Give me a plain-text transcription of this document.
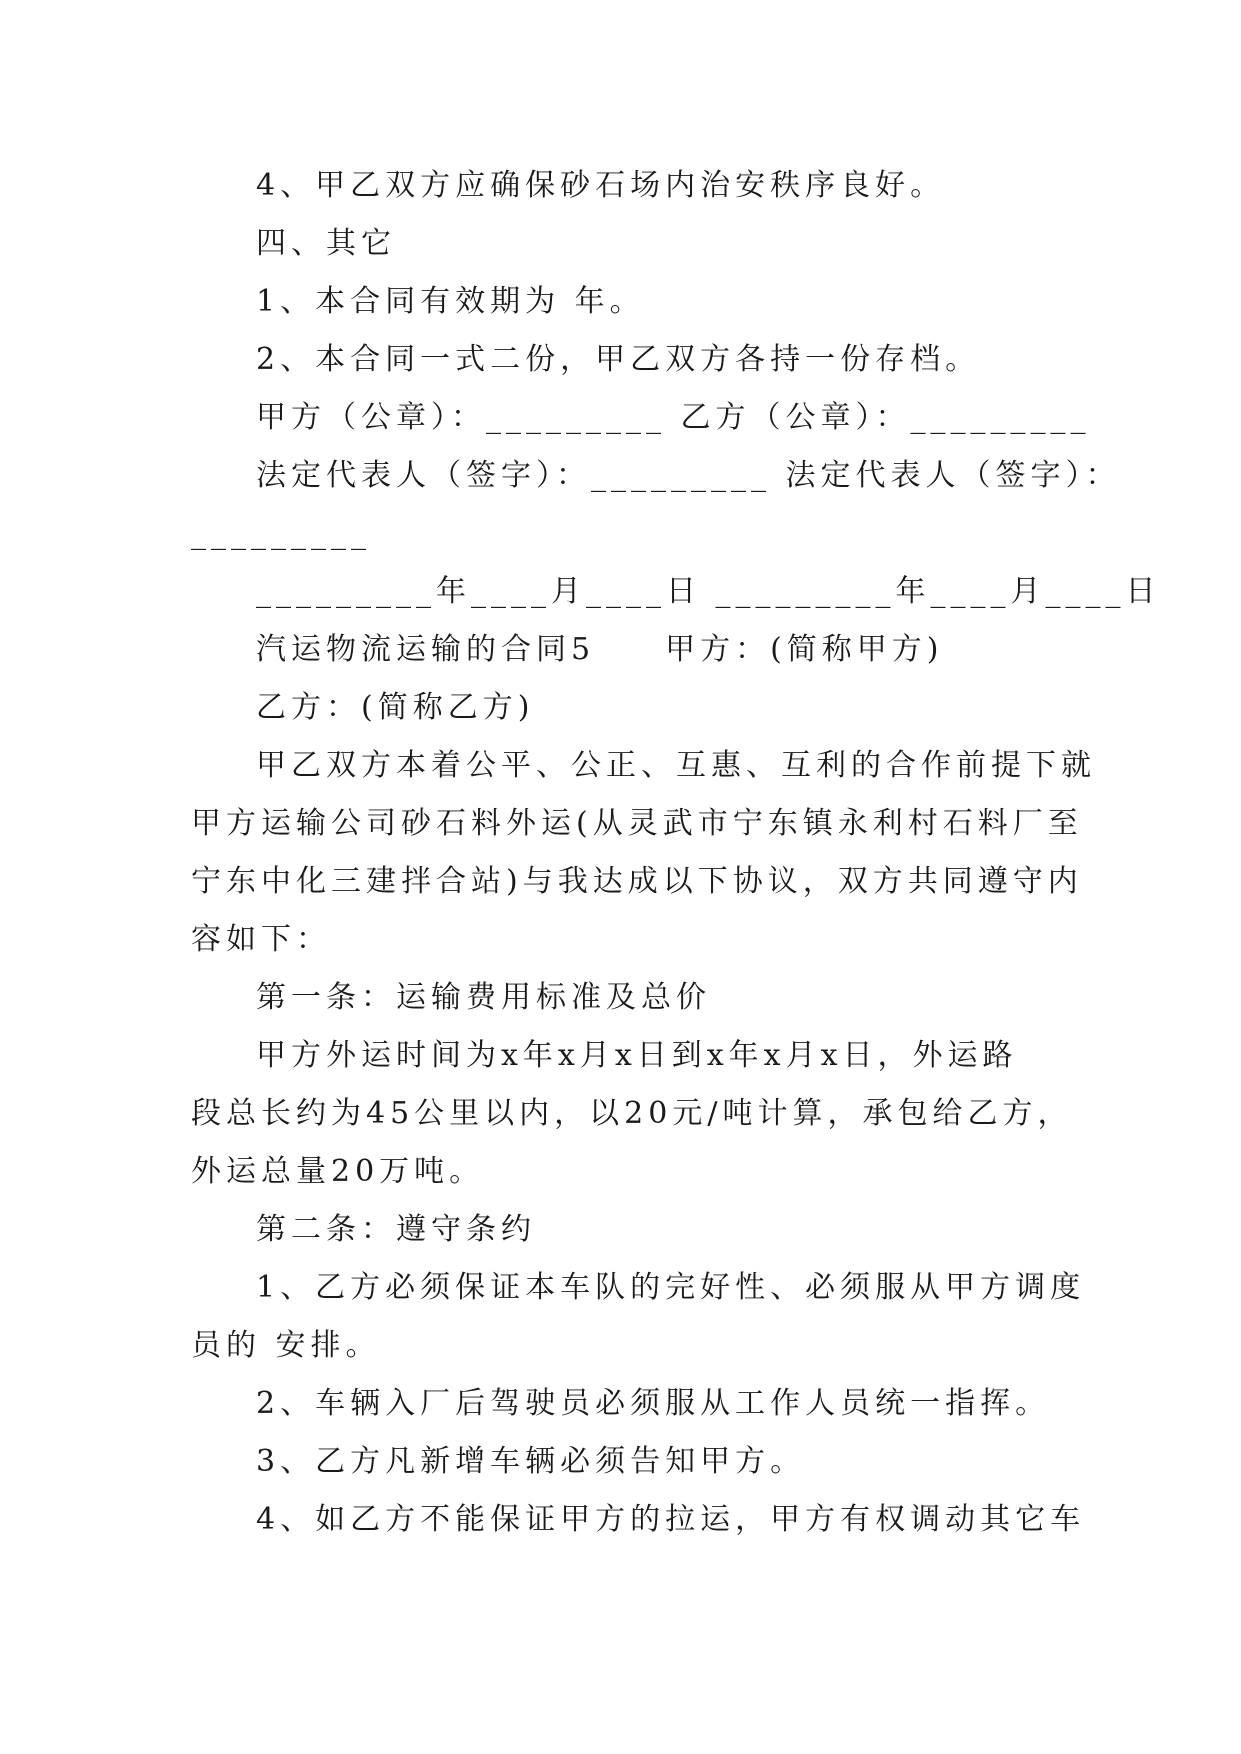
4、甲乙双方应确保砂石场内治安秩序良好。
四、其它
1、本合同有效期为 年。
2、本合同一式二份，甲乙双方各持一份存档。
甲方（公章）：_________ 乙方（公章）：_________
法定代表人（签字）：_________ 法定代表人（签字）：
_________
_________年____月____日 _________年____月____日
汽运物流运输的合同5　　甲方：(简称甲方)
乙方：(简称乙方)
甲乙双方本着公平、公正、互惠、互利的合作前提下就
甲方运输公司砂石料外运(从灵武市宁东镇永利村石料厂至
宁东中化三建拌合站)与我达成以下协议，双方共同遵守内
容如下：
第一条：运输费用标准及总价
甲方外运时间为x年x月x日到x年x月x日，外运路
段总长约为45公里以内，以20元/吨计算，承包给乙方，
外运总量20万吨。
第二条：遵守条约
1、乙方必须保证本车队的完好性、必须服从甲方调度
员的 安排。
2、车辆入厂后驾驶员必须服从工作人员统一指挥。
3、乙方凡新增车辆必须告知甲方。
4、如乙方不能保证甲方的拉运，甲方有权调动其它车
